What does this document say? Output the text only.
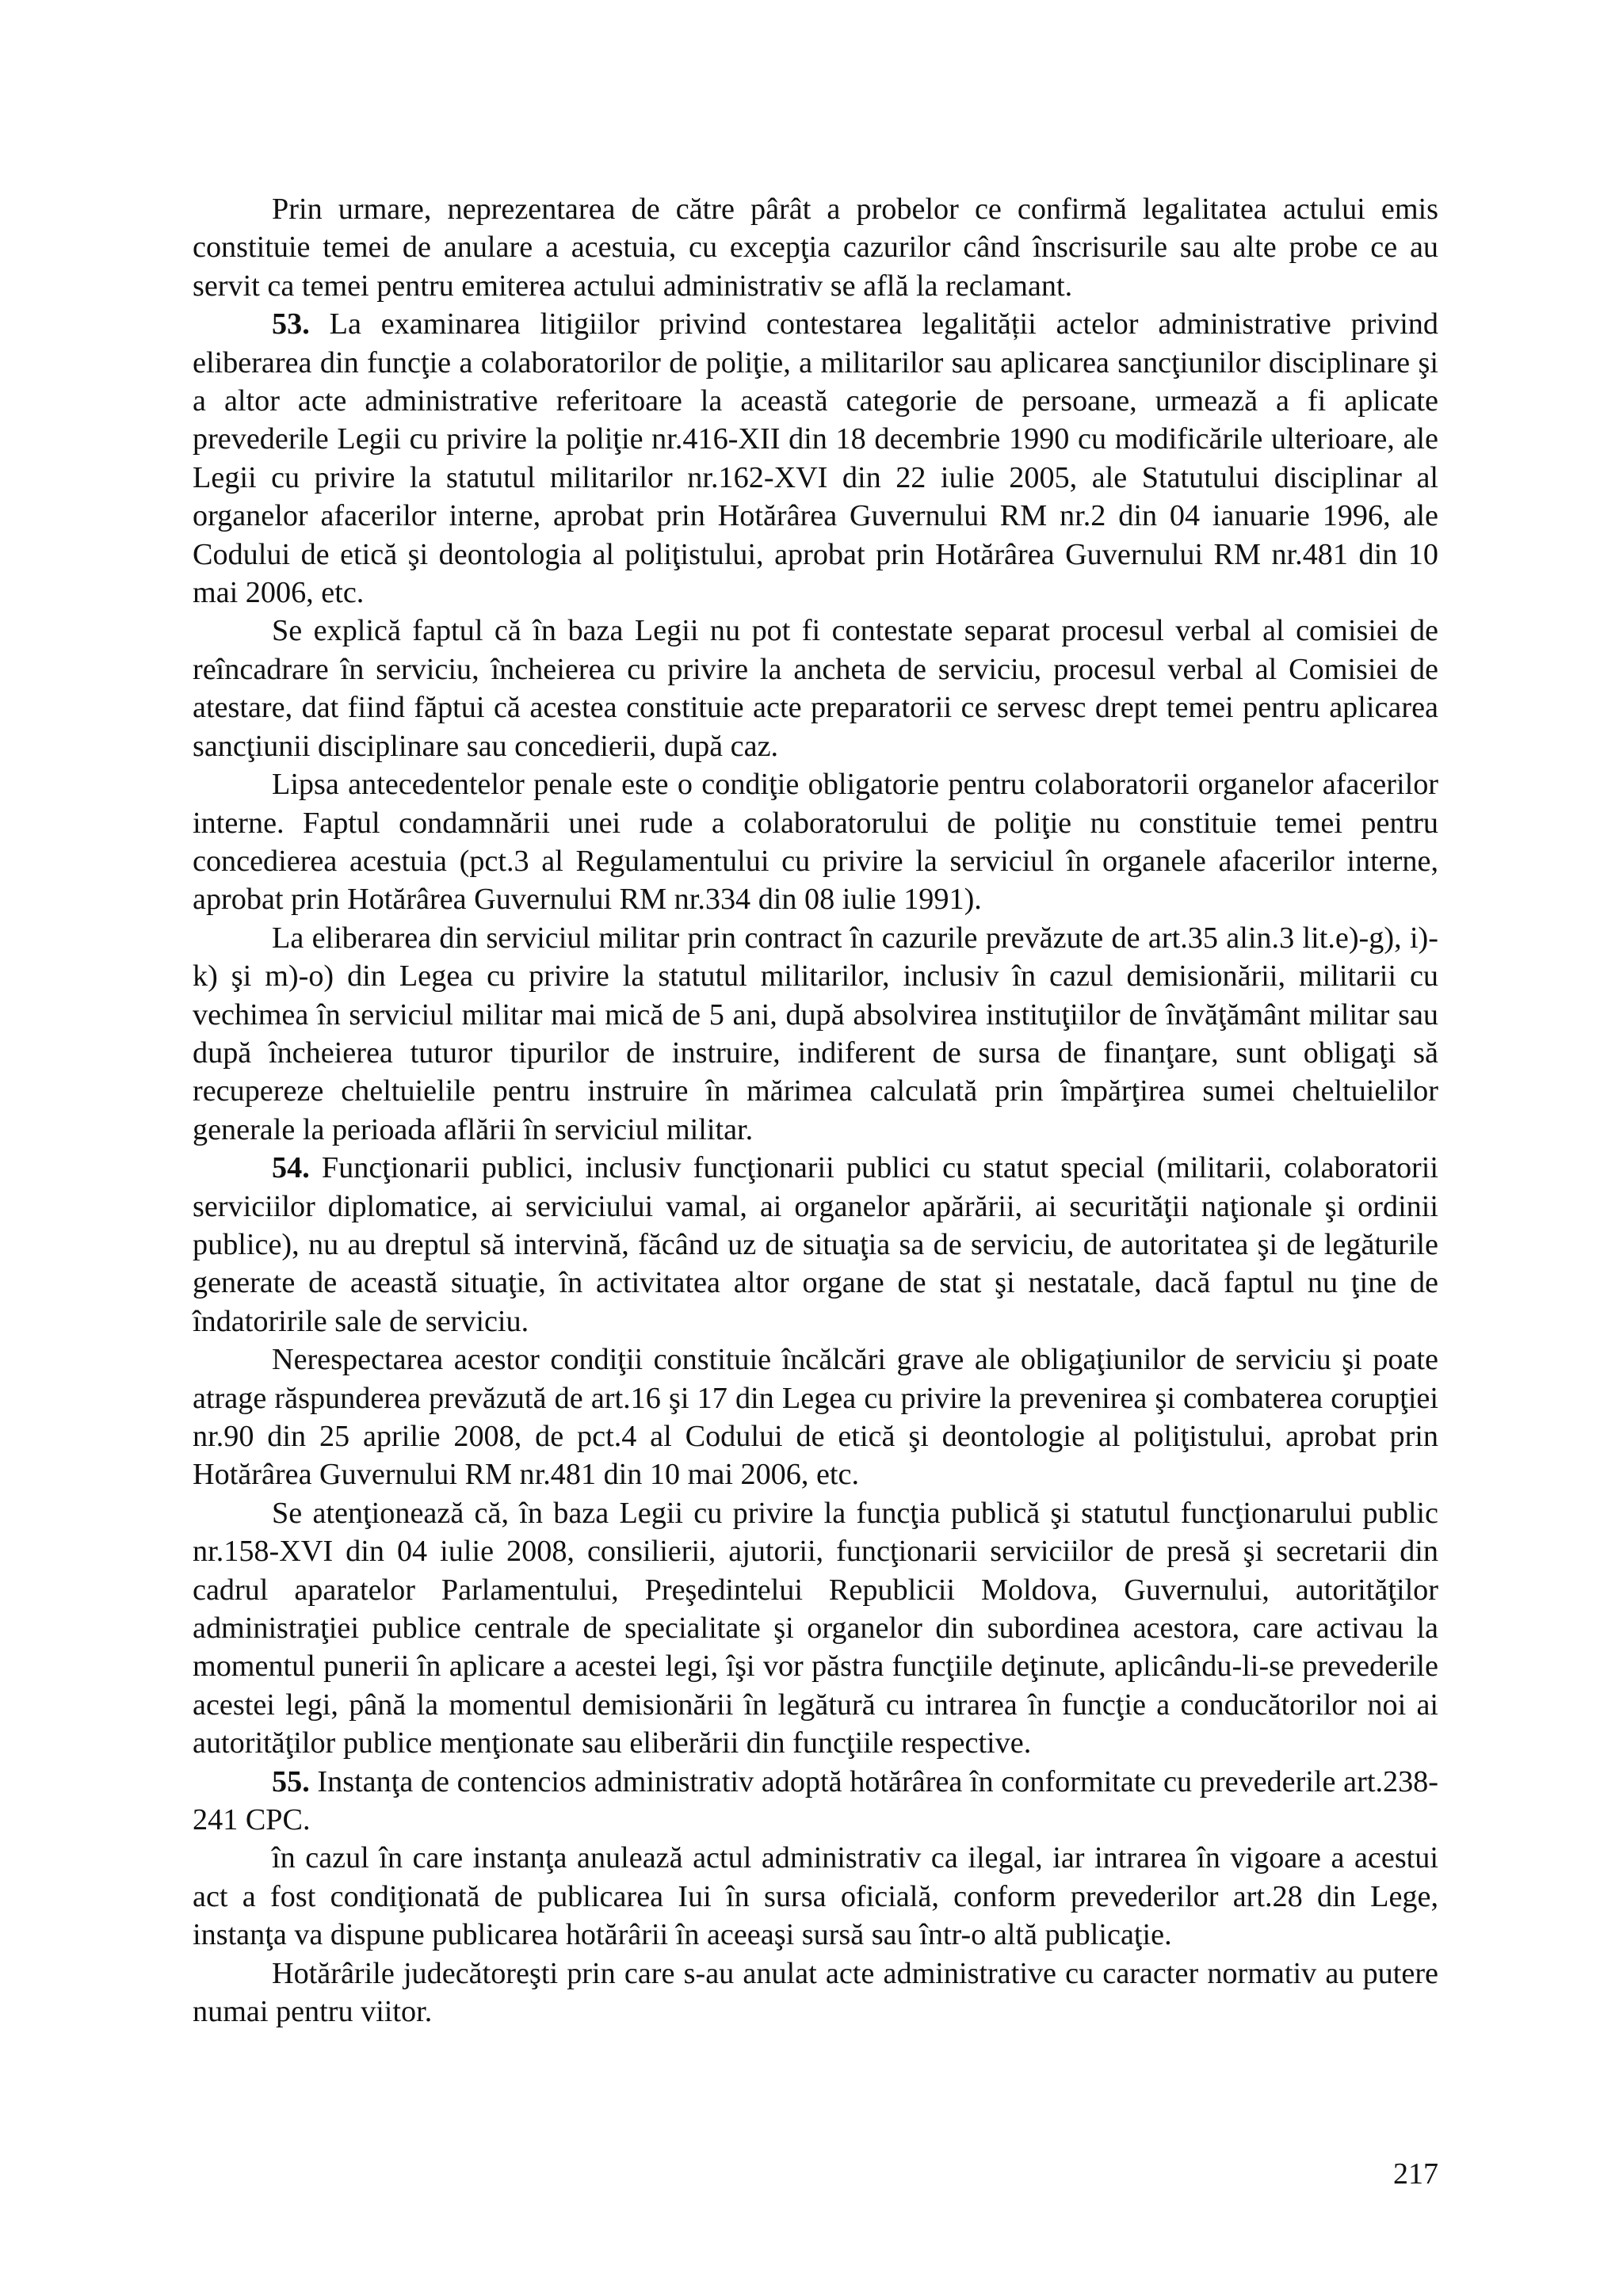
Prin urmare, neprezentarea de către pârât a probelor ce confirmă legalitatea actului emis constituie temei de anulare a acestuia, cu excepţia cazurilor când înscrisurile sau alte probe ce au servit ca temei pentru emiterea actului administrativ se află la reclamant.

53. La examinarea litigiilor privind contestarea legalității actelor administrative privind eliberarea din funcţie a colaboratorilor de poliţie, a militarilor sau aplicarea sancţiunilor disciplinare şi a altor acte administrative referitoare la această categorie de persoane, urmează a fi aplicate prevederile Legii cu privire la poliţie nr.416-XII din 18 decembrie 1990 cu modificările ulterioare, ale Legii cu privire la statutul militarilor nr.162-XVI din 22 iulie 2005, ale Statutului disciplinar al organelor afacerilor interne, aprobat prin Hotărârea Guvernului RM nr.2 din 04 ianuarie 1996, ale Codului de etică şi deontologia al poliţistului, aprobat prin Hotărârea Guvernului RM nr.481 din 10 mai 2006, etc.

Se explică faptul că în baza Legii nu pot fi contestate separat procesul verbal al comisiei de reîncadrare în serviciu, încheierea cu privire la ancheta de serviciu, procesul verbal al Comisiei de atestare, dat fiind făptui că acestea constituie acte preparatorii ce servesc drept temei pentru aplicarea sancţiunii disciplinare sau concedierii, după caz.

Lipsa antecedentelor penale este o condiţie obligatorie pentru colaboratorii organelor afacerilor interne. Faptul condamnării unei rude a colaboratorului de poliţie nu constituie temei pentru concedierea acestuia (pct.3 al Regulamentului cu privire la serviciul în organele afacerilor interne, aprobat prin Hotărârea Guvernului RM nr.334 din 08 iulie 1991).

La eliberarea din serviciul militar prin contract în cazurile prevăzute de art.35 alin.3 lit.e)-g), i)-k) şi m)-o) din Legea cu privire la statutul militarilor, inclusiv în cazul demisionării, militarii cu vechimea în serviciul militar mai mică de 5 ani, după absolvirea instituţiilor de învăţământ militar sau după încheierea tuturor tipurilor de instruire, indiferent de sursa de finanţare, sunt obligaţi să recupereze cheltuielile pentru instruire în mărimea calculată prin împărţirea sumei cheltuielilor generale la perioada aflării în serviciul militar.

54. Funcţionarii publici, inclusiv funcţionarii publici cu statut special (militarii, colaboratorii serviciilor diplomatice, ai serviciului vamal, ai organelor apărării, ai securităţii naţionale şi ordinii publice), nu au dreptul să intervină, făcând uz de situaţia sa de serviciu, de autoritatea şi de legăturile generate de această situaţie, în activitatea altor organe de stat şi nestatale, dacă faptul nu ţine de îndatoririle sale de serviciu.

Nerespectarea acestor condiţii constituie încălcări grave ale obligaţiunilor de serviciu şi poate atrage răspunderea prevăzută de art.16 şi 17 din Legea cu privire la prevenirea şi combaterea corupţiei nr.90 din 25 aprilie 2008, de pct.4 al Codului de etică şi deontologie al poliţistului, aprobat prin Hotărârea Guvernului RM nr.481 din 10 mai 2006, etc.

Se atenţionează că, în baza Legii cu privire la funcţia publică şi statutul funcţionarului public nr.158-XVI din 04 iulie 2008, consilierii, ajutorii, funcţionarii serviciilor de presă şi secretarii din cadrul aparatelor Parlamentului, Preşedintelui Republicii Moldova, Guvernului, autorităţilor administraţiei publice centrale de specialitate şi organelor din subordinea acestora, care activau la momentul punerii în aplicare a acestei legi, îşi vor păstra funcţiile deţinute, aplicându-li-se prevederile acestei legi, până la momentul demisionării în legătură cu intrarea în funcţie a conducătorilor noi ai autorităţilor publice menţionate sau eliberării din funcţiile respective.

55. Instanţa de contencios administrativ adoptă hotărârea în conformitate cu prevederile art.238-241 CPC.

în cazul în care instanţa anulează actul administrativ ca ilegal, iar intrarea în vigoare a acestui act a fost condiţionată de publicarea Iui în sursa oficială, conform prevederilor art.28 din Lege, instanţa va dispune publicarea hotărârii în aceeaşi sursă sau într-o altă publicaţie.

Hotărârile judecătoreşti prin care s-au anulat acte administrative cu caracter normativ au putere numai pentru viitor.

217
